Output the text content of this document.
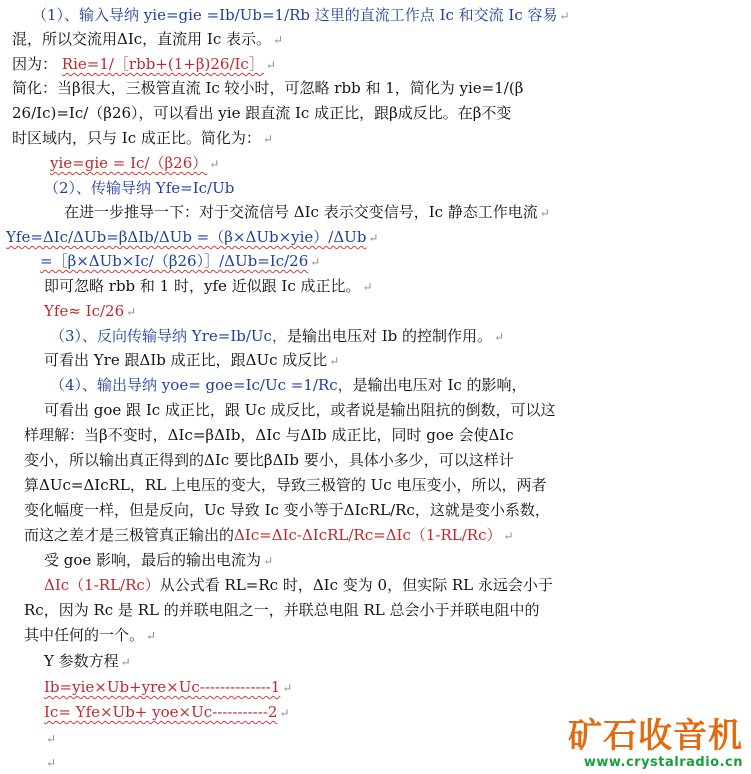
（1）、输入导纳 yie=gie =Ib/Ub=1/Rb 这里的直流工作点 Ic 和交流 Ic 容易 ↵
混，所以交流用ΔIc，直流用 Ic 表示。 ↵
因为： Rie=1/［rbb+(1+β)26/Ic］ ↵
简化：当β很大，三极管直流 Ic 较小时，可忽略 rbb 和 1，简化为 yie=1/(β
26/Ic)=Ic/（β26），可以看出 yie 跟直流 Ic 成正比，跟β成反比。在β不变
时区域内，只与 Ic 成正比。简化为： ↵
yie=gie = Ic/（β26） ↵
（2）、传输导纳 Yfe=Ic/Ub
在进一步推导一下：对于交流信号 ΔIc 表示交变信号，Ic 静态工作电流 ↵
Yfe=ΔIc/ΔUb=βΔIb/ΔUb =（β×ΔUb×yie）/ΔUb ↵
=［β×ΔUb×Ic/（β26）］/ΔUb=Ic/26 ↵
即可忽略 rbb 和 1 时，yfe 近似跟 Ic 成正比。 ↵
Yfe≈ Ic/26 ↵
（3）、反向传输导纳 Yre=Ib/Uc，是输出电压对 Ib 的控制作用。 ↵
可看出 Yre 跟ΔIb 成正比，跟ΔUc 成反比 ↵
（4）、输出导纳 yoe= goe=Ic/Uc =1/Rc，是输出电压对 Ic 的影响，
可看出 goe 跟 Ic 成正比，跟 Uc 成反比，或者说是输出阻抗的倒数，可以这
样理解：当β不变时，ΔIc=βΔIb，ΔIc 与ΔIb 成正比，同时 goe 会使ΔIc
变小，所以输出真正得到的ΔIc 要比βΔIb 要小，具体小多少，可以这样计
算ΔUc=ΔIcRL，RL 上电压的变大，导致三极管的 Uc 电压变小，所以，两者
变化幅度一样，但是反向，Uc 导致 Ic 变小等于ΔIcRL/Rc，这就是变小系数，
而这之差才是三极管真正输出的ΔIc=ΔIc-ΔIcRL/Rc=ΔIc（1-RL/Rc） ↵
受 goe 影响，最后的输出电流为 ↵
ΔIc（1-RL/Rc）从公式看 RL=Rc 时，ΔIc 变为 0，但实际 RL 永远会小于
Rc，因为 Rc 是 RL 的并联电阻之一，并联总电阻 RL 总会小于并联电阻中的
其中任何的一个。 ↵
Y 参数方程 ↵
Ib=yie×Ub+yre×Uc--------------1 ↵
Ic= Yfe×Ub+ yoe×Uc-----------2 ↵
↵
↵
矿石收音机
www.crystalradio.cn
